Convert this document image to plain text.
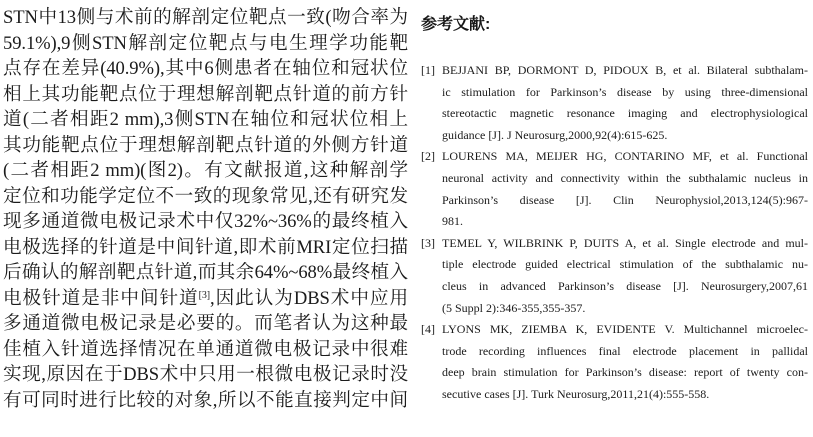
STN中13侧与术前的解剖定位靶点一致(吻合率为
59.1%),9侧STN解剖定位靶点与电生理学功能靶
点存在差异(40.9%),其中6侧患者在轴位和冠状位
相上其功能靶点位于理想解剖靶点针道的前方针
道(二者相距2 mm),3侧STN在轴位和冠状位相上
其功能靶点位于理想解剖靶点针道的外侧方针道
(二者相距2 mm)(图2)。有文献报道,这种解剖学
定位和功能学定位不一致的现象常见,还有研究发
现多通道微电极记录术中仅32%~36%的最终植入
电极选择的针道是中间针道,即术前MRI定位扫描
后确认的解剖靶点针道,而其余64%~68%最终植入
电极针道是非中间针道[3],因此认为DBS术中应用
多通道微电极记录是必要的。而笔者认为这种最
佳植入针道选择情况在单通道微电极记录中很难
实现,原因在于DBS术中只用一根微电极记录时没
有可同时进行比较的对象,所以不能直接判定中间
参考文献:
[1] BEJJANI BP, DORMONT D, PIDOUX B, et al. Bilateral subthalam-
ic stimulation for Parkinson’s disease by using three-dimensional
stereotactic magnetic resonance imaging and electrophysiological
guidance [J]. J Neurosurg,2000,92(4):615-625.
[2] LOURENS MA, MEIJER HG, CONTARINO MF, et al. Functional
neuronal activity and connectivity within the subthalamic nucleus in
Parkinson’s disease [J]. Clin Neurophysiol,2013,124(5):967-
981.
[3] TEMEL Y, WILBRINK P, DUITS A, et al. Single electrode and mul-
tiple electrode guided electrical stimulation of the subthalamic nu-
cleus in advanced Parkinson’s disease [J]. Neurosurgery,2007,61
(5 Suppl 2):346-355,355-357.
[4] LYONS MK, ZIEMBA K, EVIDENTE V. Multichannel microelec-
trode recording influences final electrode placement in pallidal
deep brain stimulation for Parkinson’s disease: report of twenty con-
secutive cases [J]. Turk Neurosurg,2011,21(4):555-558.
